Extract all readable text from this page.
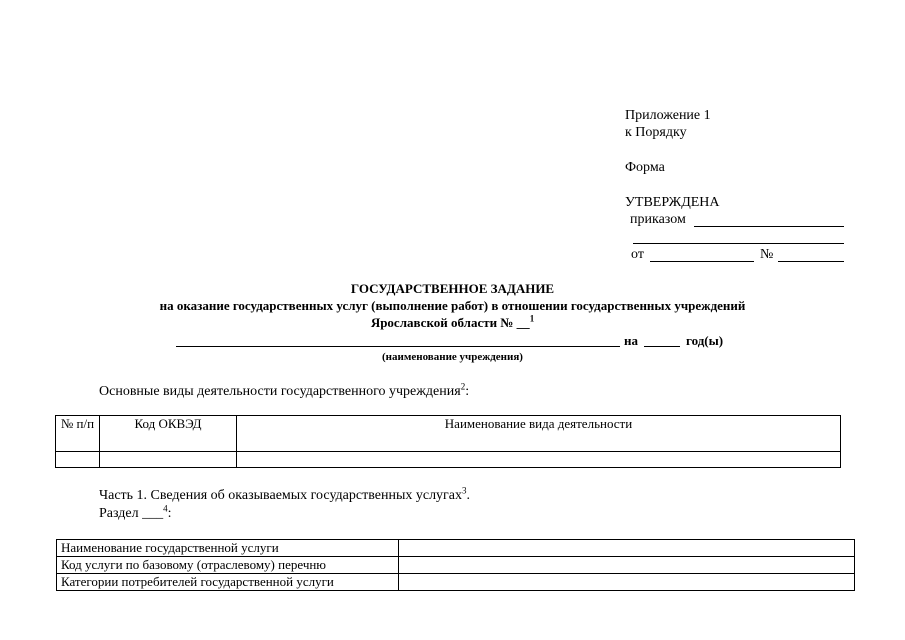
Приложение 1
к Порядку
Форма
УТВЕРЖДЕНА
приказом
от	№
ГОСУДАРСТВЕННОЕ ЗАДАНИЕ
на оказание государственных услуг (выполнение работ) в отношении государственных учреждений
Ярославской области № __$^1$
на	год(ы)
(наименование учреждения)
Основные виды деятельности государственного учреждения$^2$:
№ п/п	Код ОКВЭД	Наименование вида деятельности

Часть 1. Сведения об оказываемых государственных услугах$^3$.
Раздел ___$^4$:
Наименование государственной услуги	
Код услуги по базовому (отраслевому) перечню	
Категории потребителей государственной услуги	
